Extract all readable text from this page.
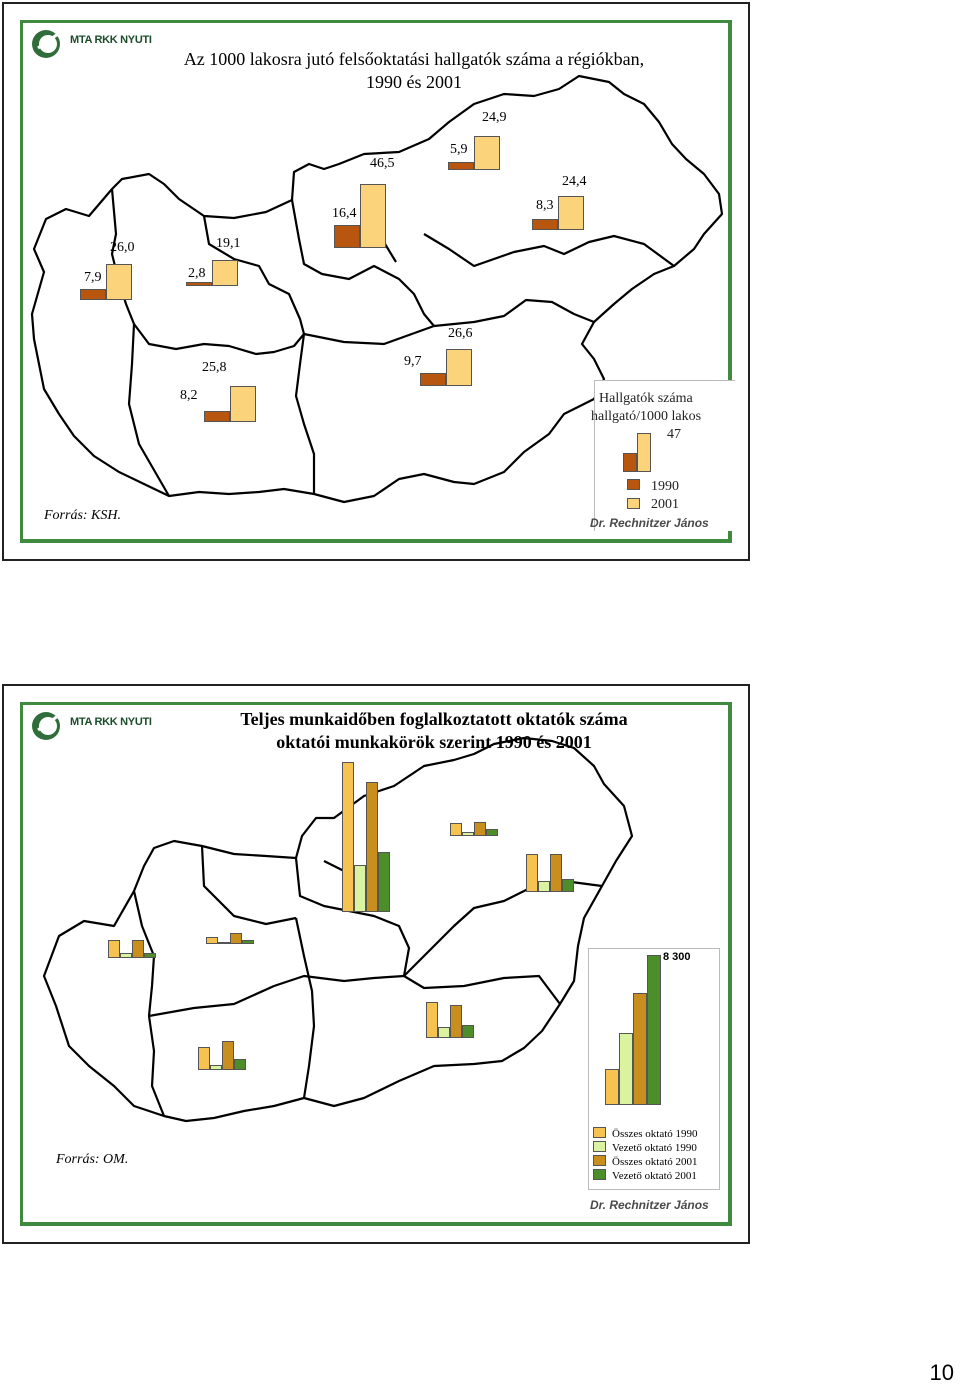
MTA RKK NYUTI
Az 1000 lakosra jutó felsőoktatási hallgatók száma a régiókban,
1990 és 2001
7,9
26,0
2,8
19,1
16,4
46,5
5,9
24,9
8,3
24,4
8,2
25,8	9,7
26,6
Hallgatók száma
hallgató/1000 lakos
47
1990
2001
Forrás: KSH.	Dr. Rechnitzer János
MTA RKK NYUTI	Teljes munkaidőben foglalkoztatott oktatók száma
oktatói munkakörök szerint 1990 és 2001
8 300
Összes oktató 1990
Vezető oktató 1990
Összes oktató 2001
Vezető oktató 2001
Forrás: OM.
Dr. Rechnitzer János
10
